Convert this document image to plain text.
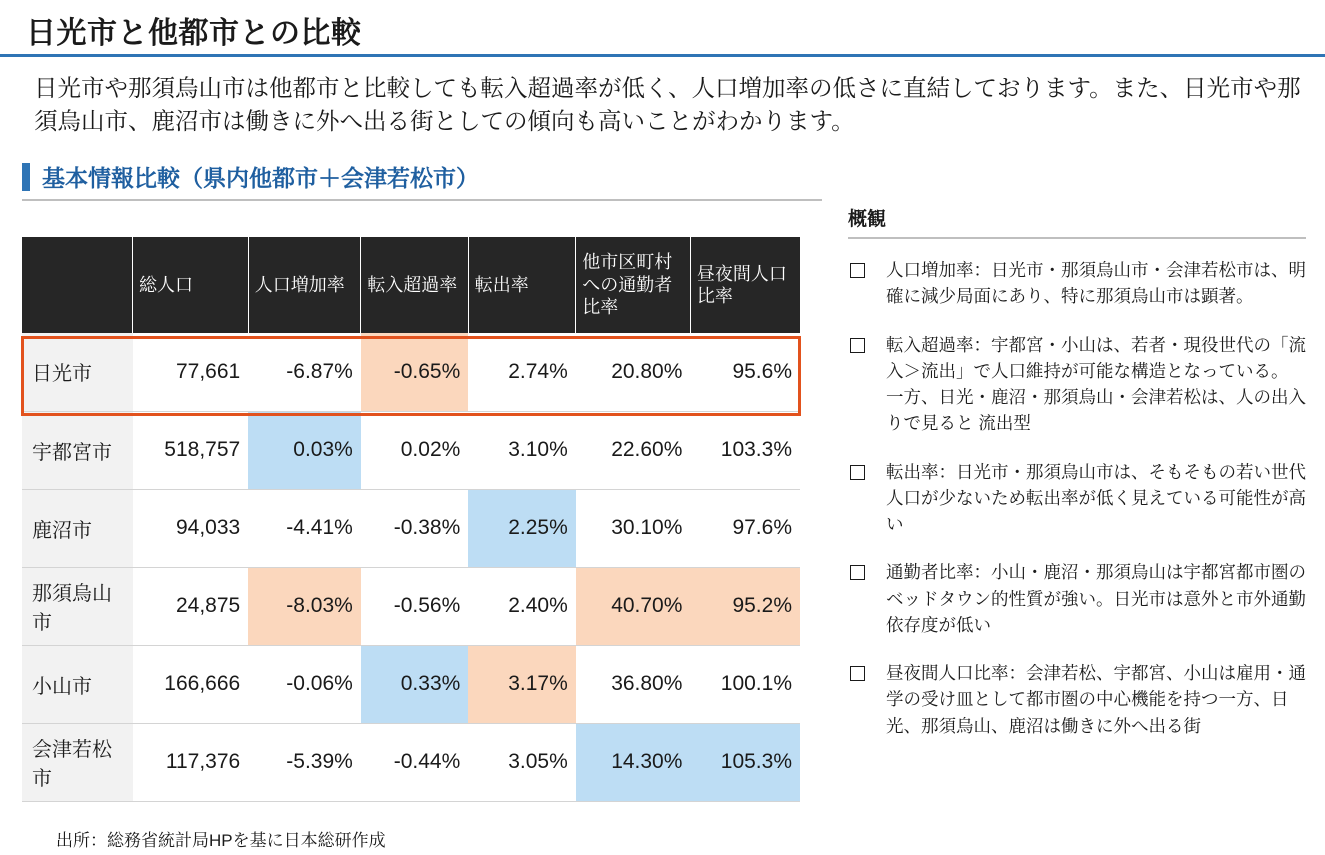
日光市と他都市との比較
日光市や那須烏山市は他都市と比較しても転入超過率が低く、人口増加率の低さに直結しております。また、日光市や那須烏山市、鹿沼市は働きに外へ出る街としての傾向も高いことがわかります。
基本情報比較（県内他都市＋会津若松市）
	総人口	人口増加率	転入超過率	転出率	他市区町村への通勤者比率	昼夜間人口比率
日光市	77,661	-6.87%	-0.65%	2.74%	20.80%	95.6%
宇都宮市	518,757	0.03%	0.02%	3.10%	22.60%	103.3%
鹿沼市	94,033	-4.41%	-0.38%	2.25%	30.10%	97.6%
那須烏山市	24,875	-8.03%	-0.56%	2.40%	40.70%	95.2%
小山市	166,666	-0.06%	0.33%	3.17%	36.80%	100.1%
会津若松市	117,376	-5.39%	-0.44%	3.05%	14.30%	105.3%
出所：総務省統計局HPを基に日本総研作成
概観
人口増加率：日光市・那須烏山市・会津若松市は、明確に減少局面にあり、特に那須烏山市は顕著。
転入超過率：宇都宮・小山は、若者・現役世代の「流入＞流出」で人口維持が可能な構造となっている。 一方、日光・鹿沼・那須烏山・会津若松は、人の出入りで見ると 流出型
転出率：日光市・那須烏山市は、そもそもの若い世代人口が少ないため転出率が低く見えている可能性が高い
通勤者比率：小山・鹿沼・那須烏山は宇都宮都市圏のベッドタウン的性質が強い。日光市は意外と市外通勤依存度が低い
昼夜間人口比率：会津若松、宇都宮、小山は雇用・通学の受け皿として都市圏の中心機能を持つ一方、日光、那須烏山、鹿沼は働きに外へ出る街
